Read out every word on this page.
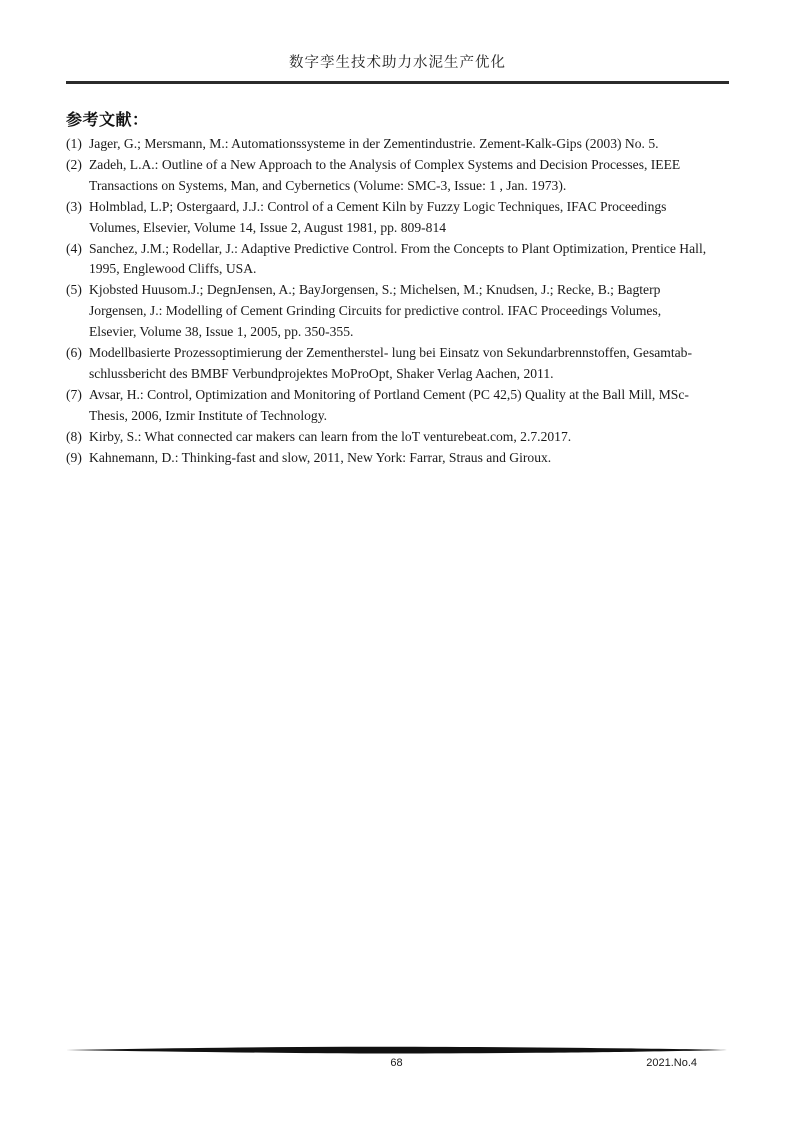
数字孪生技术助力水泥生产优化
参考文献：
(1) Jager, G.; Mersmann, M.: Automationssysteme in der Zementindustrie. Zement-Kalk-Gips (2003) No. 5.
(2) Zadeh, L.A.: Outline of a New Approach to the Analysis of Complex Systems and Decision Processes, IEEE
Transactions on Systems, Man, and Cybernetics (Volume: SMC-3, Issue: 1 , Jan. 1973).
(3) Holmblad, L.P; Ostergaard, J.J.: Control of a Cement Kiln by Fuzzy Logic Techniques, IFAC Proceedings
Volumes, Elsevier, Volume 14, Issue 2, August 1981, pp. 809-814
(4) Sanchez, J.M.; Rodellar, J.: Adaptive Predictive Control. From the Concepts to Plant Optimization, Prentice Hall,
1995, Englewood Cliffs, USA.
(5) Kjobsted Huusom.J.; DegnJensen, A.; BayJorgensen, S.; Michelsen, M.; Knudsen, J.; Recke, B.; Bagterp
Jorgensen, J.: Modelling of Cement Grinding Circuits for predictive control. IFAC Proceedings Volumes,
Elsevier, Volume 38, Issue 1, 2005, pp. 350-355.
(6) Modellbasierte Prozessoptimierung der Zementherstel- lung bei Einsatz von Sekundarbrennstoffen, Gesamtab-
schlussbericht des BMBF Verbundprojektes MoProOpt, Shaker Verlag Aachen, 2011.
(7) Avsar, H.: Control, Optimization and Monitoring of Portland Cement (PC 42,5) Quality at the Ball Mill, MSc-
Thesis, 2006, Izmir Institute of Technology.
(8) Kirby, S.: What connected car makers can learn from the loT venturebeat.com, 2.7.2017.
(9) Kahnemann, D.: Thinking-fast and slow, 2011, New York: Farrar, Straus and Giroux.
68	2021.No.4
